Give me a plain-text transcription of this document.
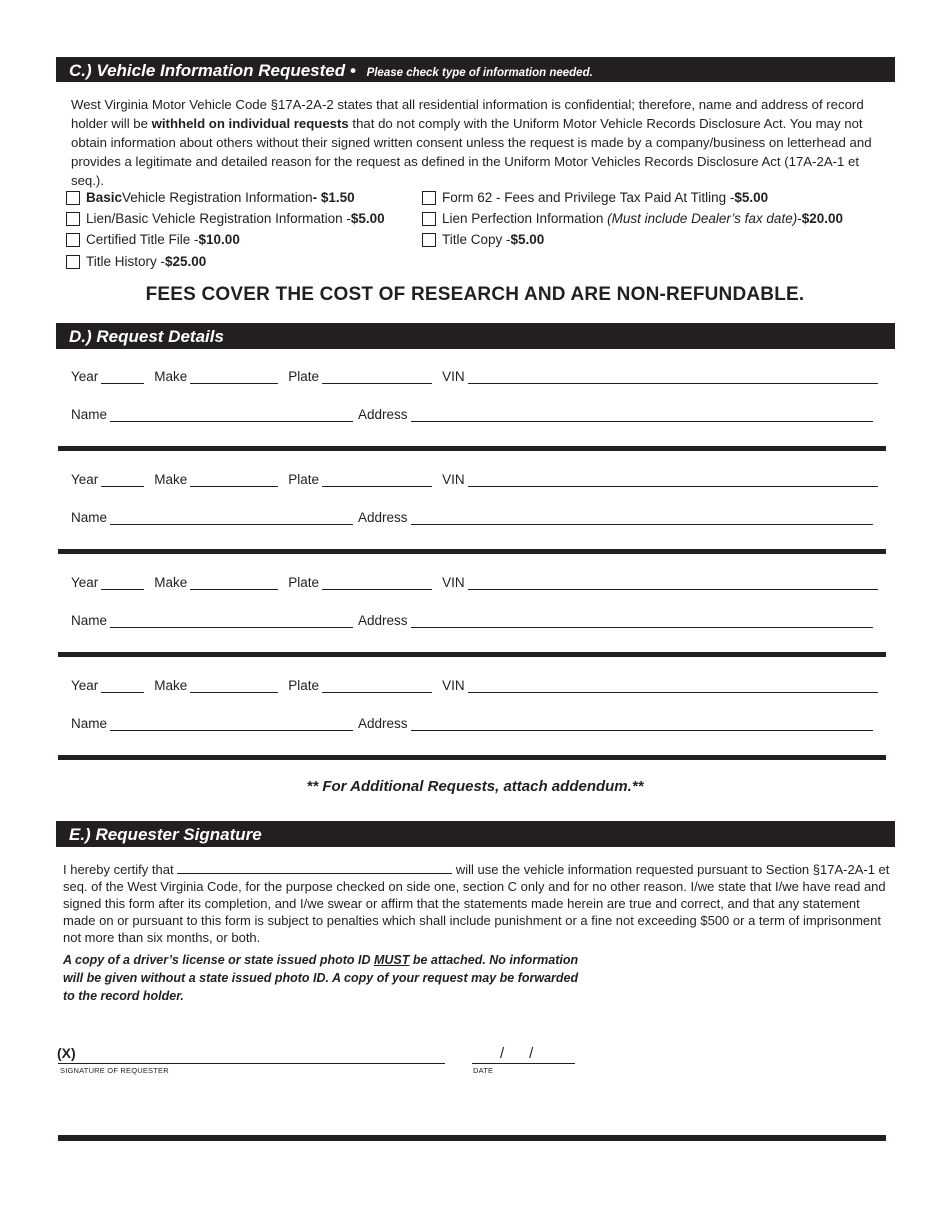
C.) Vehicle Information Requested • Please check type of information needed.
West Virginia Motor Vehicle Code §17A-2A-2 states that all residential information is confidential; therefore, name and address of record holder will be withheld on individual requests that do not comply with the Uniform Motor Vehicle Records Disclosure Act. You may not obtain information about others without their signed written consent unless the request is made by a company/business on letterhead and provides a legitimate and detailed reason for the request as defined in the Uniform Motor Vehicles Records Disclosure Act (17A-2A-1 et seq.).
Basic Vehicle Registration Information - $1.50
Lien/Basic Vehicle Registration Information - $5.00
Certified Title File - $10.00
Title History - $25.00
Form 62 - Fees and Privilege Tax Paid At Titling - $5.00
Lien Perfection Information
(Must include Dealer’s fax date) - $20.00
Title Copy - $5.00
FEES COVER THE COST OF RESEARCH AND ARE NON-REFUNDABLE.
D.) Request Details
Year	Make	Plate	VIN
Name	Address
Year	Make	Plate	VIN
Name	Address
Year	Make	Plate	VIN
Name	Address
Year	Make	Plate	VIN
Name	Address
** For Additional Requests, attach addendum.**
E.) Requester Signature
I hereby certify that	will use the vehicle information requested pursuant to Section §17A-2A-1 et seq. of the West Virginia Code, for the purpose checked on side one, section C only and for no other reason. I/we state that I/we have read and signed this form after its completion, and I/we swear or affirm that the statements made herein are true and correct, and that any statement made on or pursuant to this form is subject to penalties which shall include punishment or a fine not exceeding $500 or a term of imprisonment not more than six months, or both.
A copy of a driver’s license or state issued photo ID MUST be attached. No information will be given without a state issued photo ID. A copy of your request may be forwarded to the record holder.
(X)
SIGNATURE OF REQUESTER
/      /
DATE
